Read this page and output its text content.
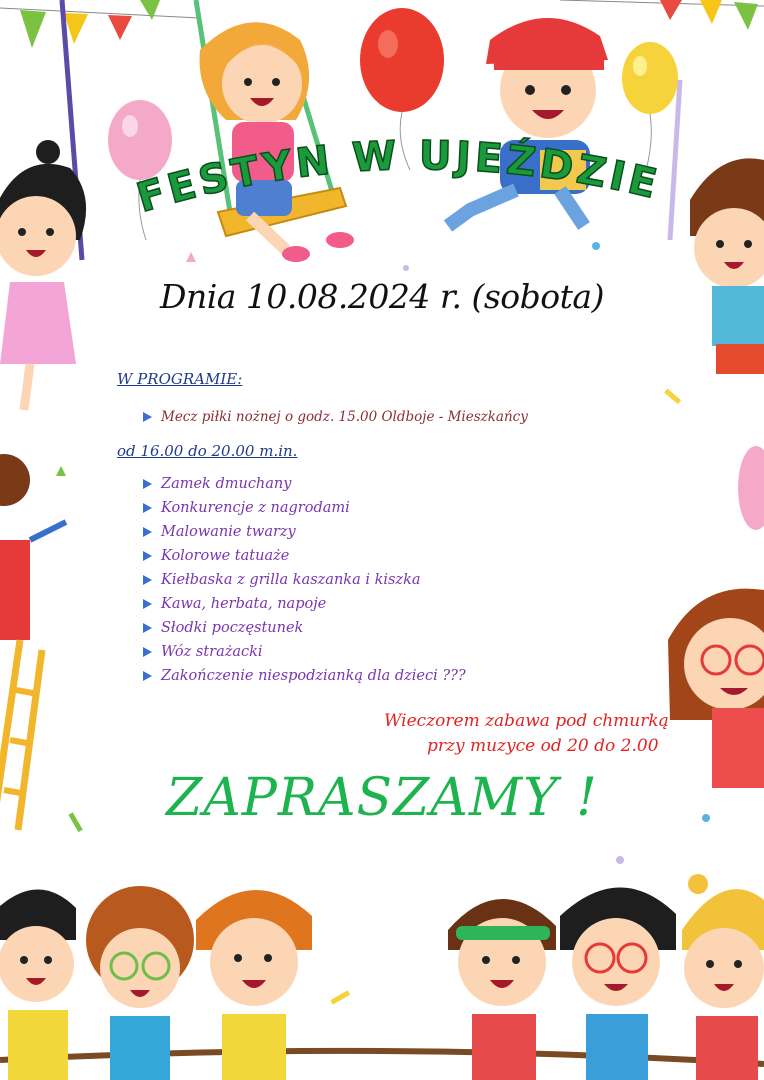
FESTYN W UJEŹDZIE
Dnia 10.08.2024 r. (sobota)
W PROGRAMIE:
Mecz piłki nożnej o godz. 15.00 Oldboje - Mieszkańcy
od 16.00 do 20.00 m.in.
Zamek dmuchany
Konkurencje z nagrodami
Malowanie twarzy
Kolorowe tatuaże
Kiełbaska z grilla kaszanka i kiszka
Kawa, herbata, napoje
Słodki poczęstunek
Wóz strażacki
Zakończenie niespodzianką dla dzieci ???
Wieczorem zabawa pod chmurką
przy muzyce od 20 do 2.00
ZAPRASZAMY !
